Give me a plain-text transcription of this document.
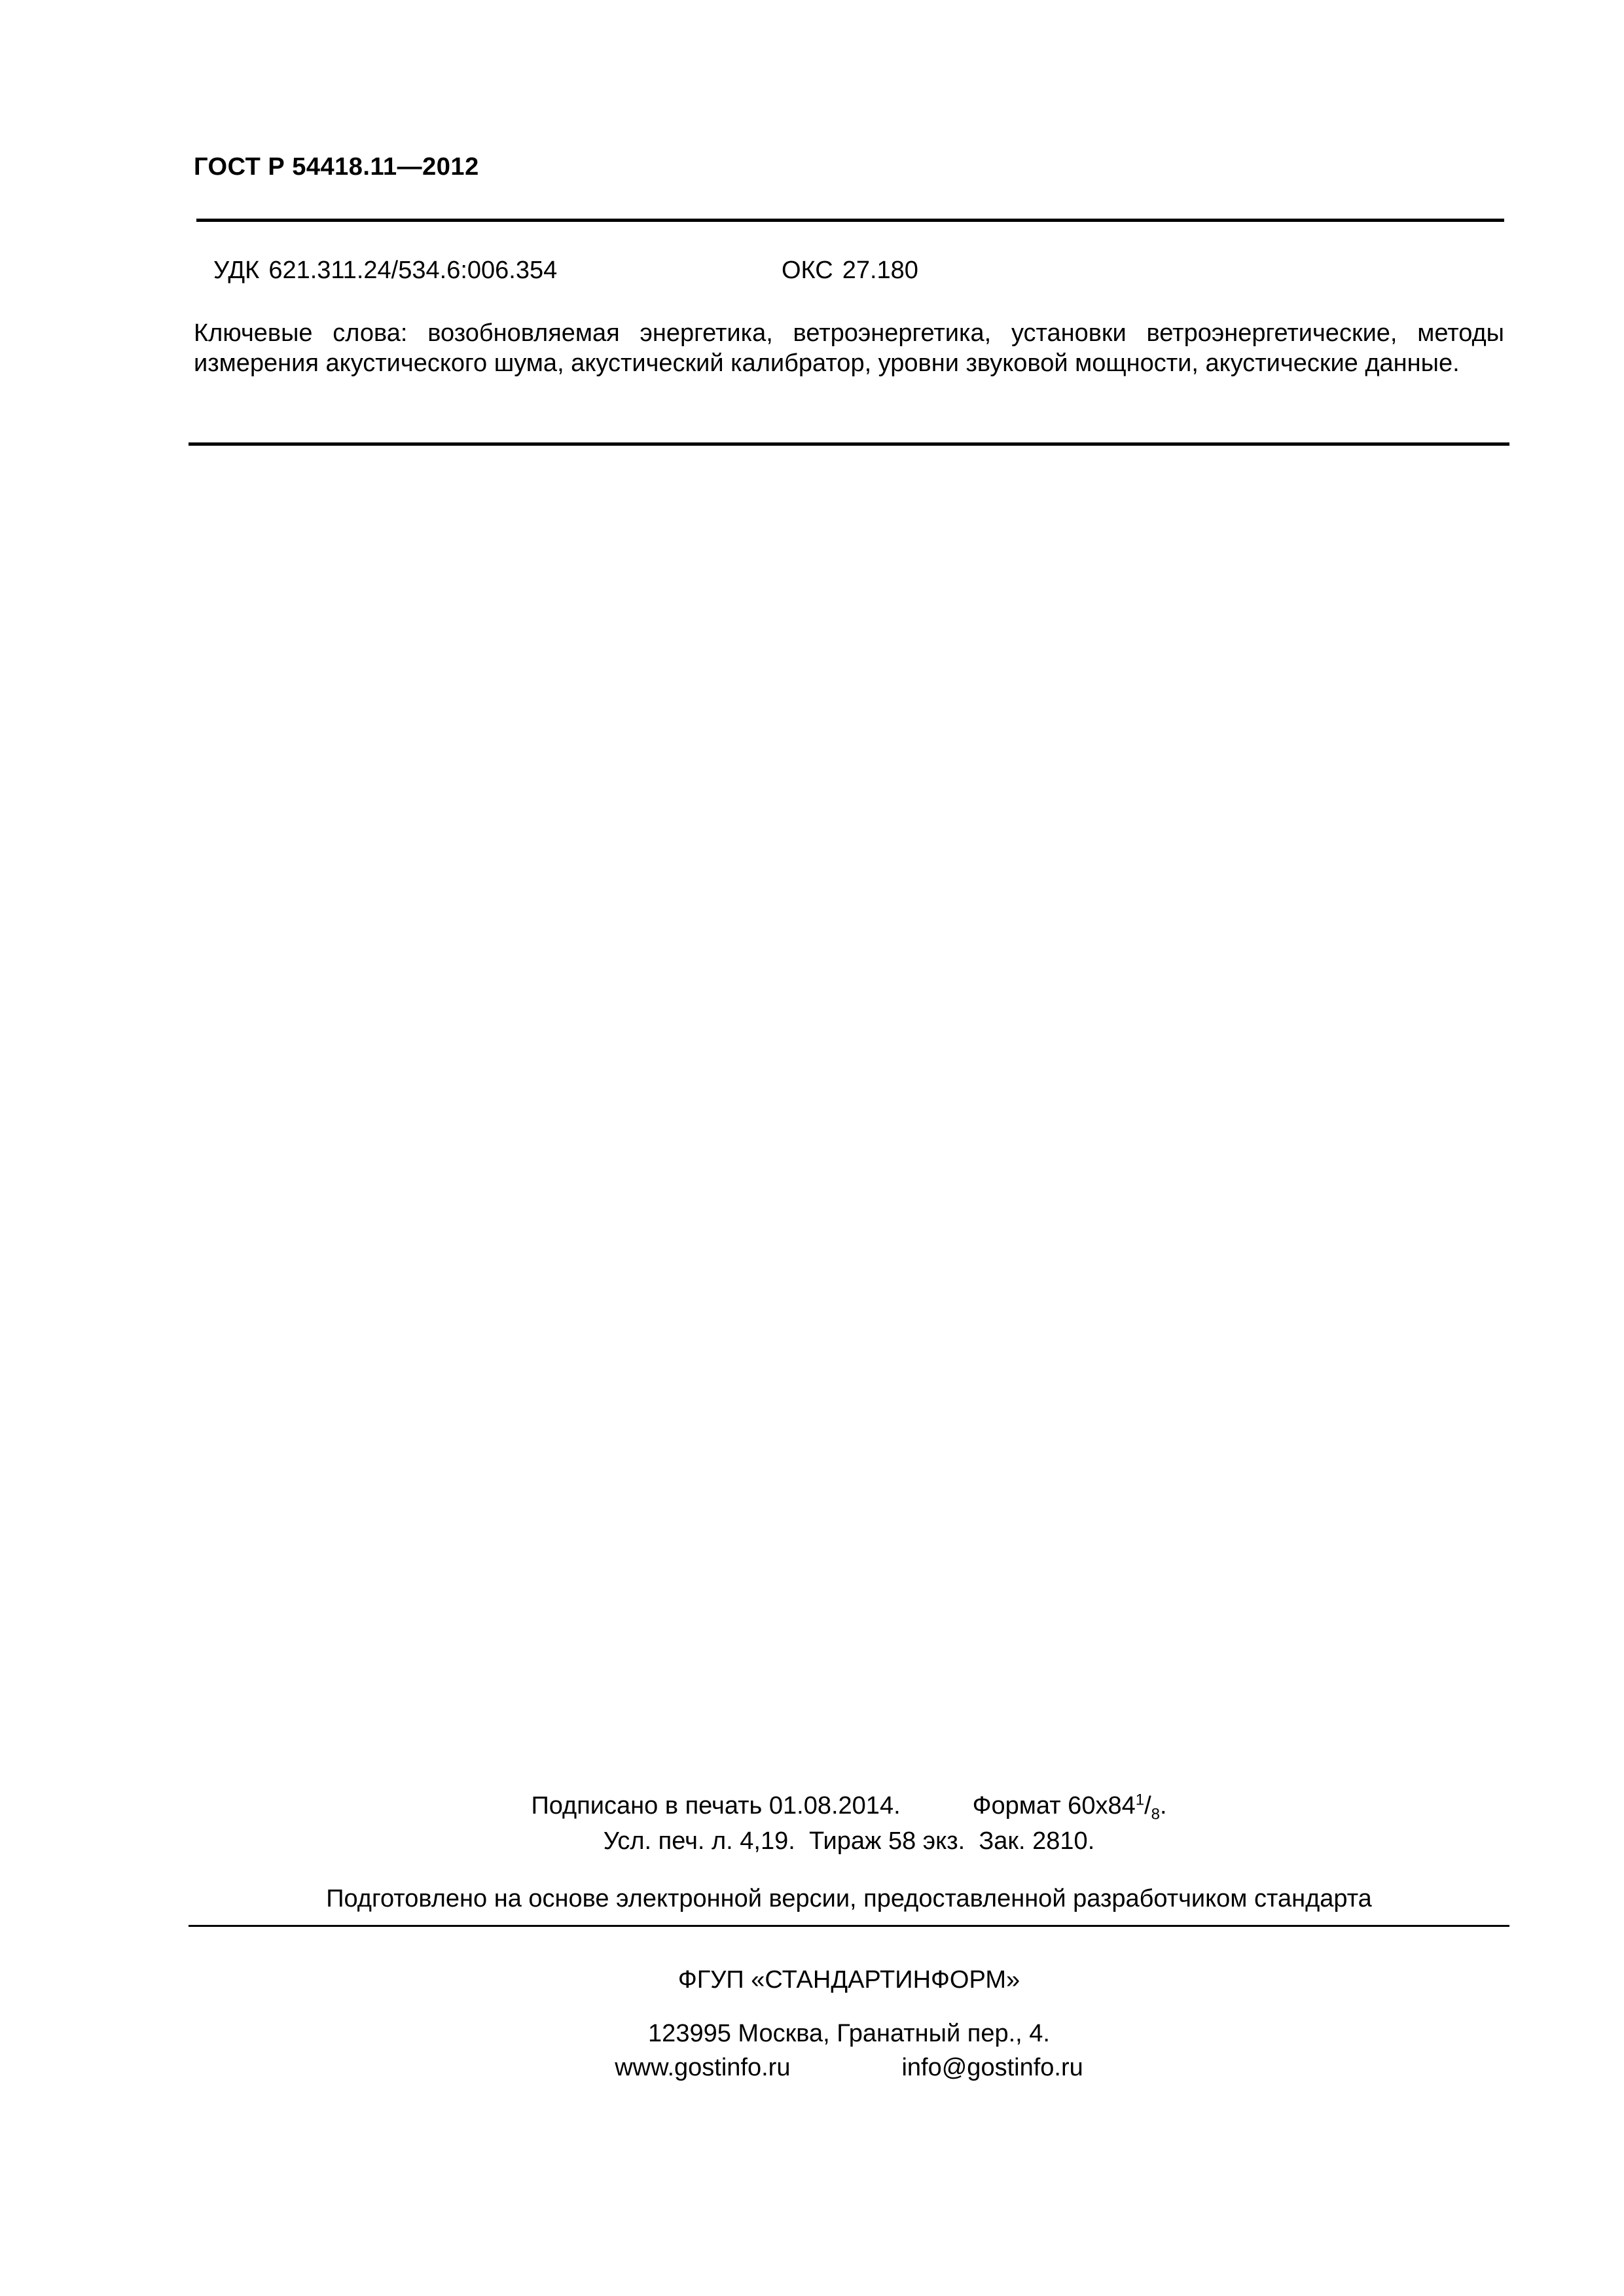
ГОСТ Р 54418.11—2012
УДК 621.311.24/534.6:006.354	ОКС 27.180
Ключевые слова: возобновляемая энергетика, ветроэнергетика, установки ветроэнергетические, методы измерения акустического шума, акустический калибратор, уровни звуковой мощности, акустические данные.
Подписано в печать 01.08.2014.	Формат $60х84^1/_8$.
Усл. печ. л. 4,19. Тираж 58 экз. Зак. 2810.
Подготовлено на основе электронной версии, предоставленной разработчиком стандарта
ФГУП «СТАНДАРТИНФОРМ»
123995 Москва, Гранатный пер., 4.
www.gostinfo.ru	info@gostinfo.ru
